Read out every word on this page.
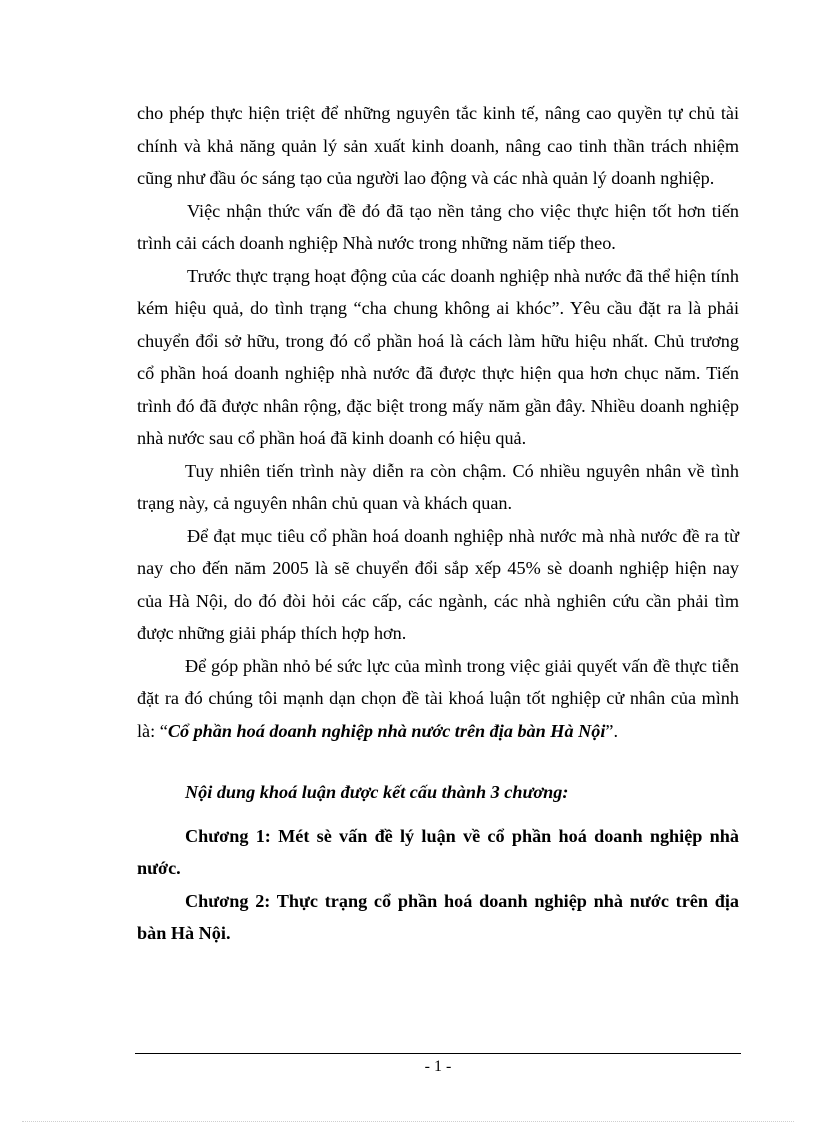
cho phép thực hiện triệt để những nguyên tắc kinh tế, nâng cao quyền tự chủ tài chính và khả năng quản lý sản xuất kinh doanh, nâng cao tinh thần trách nhiệm cũng như đầu óc sáng tạo của người lao động và các nhà quản lý doanh nghiệp.

Việc nhận thức vấn đề đó đã tạo nền tảng cho việc thực hiện tốt hơn tiến trình cải cách doanh nghiệp Nhà nước trong những năm tiếp theo.

Trước thực trạng hoạt động của các doanh nghiệp nhà nước đã thể hiện tính kém hiệu quả, do tình trạng “cha chung không ai khóc”. Yêu cầu đặt ra là phải chuyển đổi sở hữu, trong đó cổ phần hoá là cách làm hữu hiệu nhất. Chủ trương cổ phần hoá doanh nghiệp nhà nước đã được thực hiện qua hơn chục năm. Tiến trình đó đã được nhân rộng, đặc biệt trong mấy năm gần đây. Nhiều doanh nghiệp nhà nước sau cổ phần hoá đã kinh doanh có hiệu quả.

Tuy nhiên tiến trình này diễn ra còn chậm. Có nhiều nguyên nhân về tình trạng này, cả nguyên nhân chủ quan và khách quan.

Để đạt mục tiêu cổ phần hoá doanh nghiệp nhà nước mà nhà nước đề ra từ nay cho đến năm 2005 là sẽ chuyển đổi sắp xếp 45% sè doanh nghiệp hiện nay của Hà Nội, do đó đòi hỏi các cấp, các ngành, các nhà nghiên cứu cần phải tìm được những giải pháp thích hợp hơn.

Để góp phần nhỏ bé sức lực của mình trong việc giải quyết vấn đề thực tiễn đặt ra đó chúng tôi mạnh dạn chọn đề tài khoá luận tốt nghiệp cử nhân của mình là: “Cổ phần hoá doanh nghiệp nhà nước trên địa bàn Hà Nội”.

Nội dung khoá luận được kết cấu thành 3 chương:

Chương 1: Mét sè vấn đề lý luận về cổ phần hoá doanh nghiệp nhà nước.

Chương 2: Thực trạng cổ phần hoá doanh nghiệp nhà nước trên địa bàn Hà Nội.

- 1 -
